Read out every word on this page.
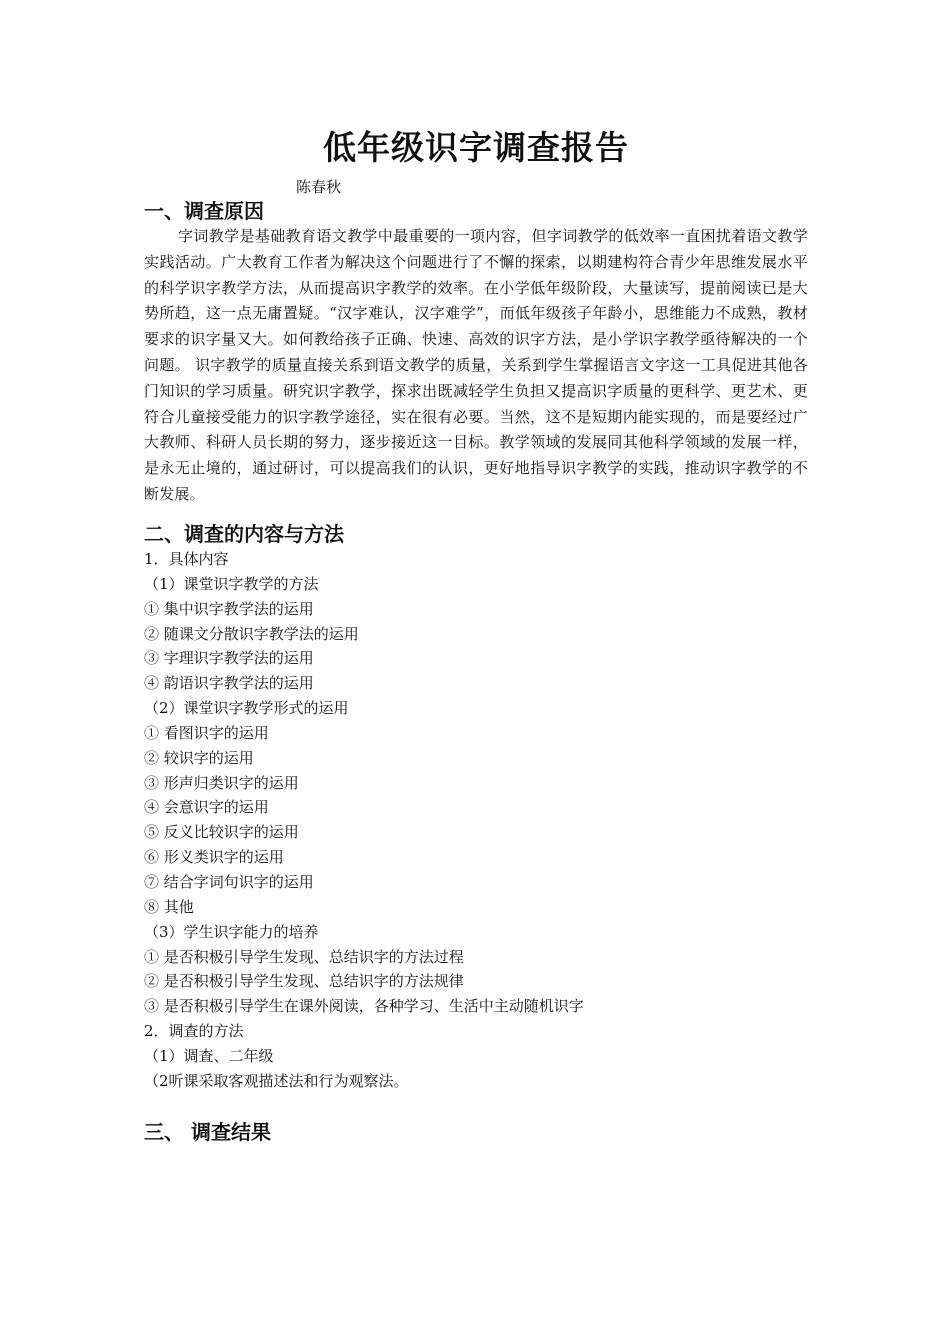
低年级识字调查报告
陈春秋
一、调查原因

字词教学是基础教育语文教学中最重要的一项内容，但字词教学的低效率一直困扰着语文教学实践活动。广大教育工作者为解决这个问题进行了不懈的探索，以期建构符合青少年思维发展水平的科学识字教学方法，从而提高识字教学的效率。在小学低年级阶段，大量读写，提前阅读已是大势所趋，这一点无庸置疑。“汉字难认，汉字难学”，而低年级孩子年龄小，思维能力不成熟，教材要求的识字量又大。如何教给孩子正确、快速、高效的识字方法，是小学识字教学亟待解决的一个问题。 识字教学的质量直接关系到语文教学的质量，关系到学生掌握语言文字这一工具促进其他各门知识的学习质量。研究识字教学，探求出既减轻学生负担又提高识字质量的更科学、更艺术、更符合儿童接受能力的识字教学途径，实在很有必要。当然，这不是短期内能实现的，而是要经过广大教师、科研人员长期的努力，逐步接近这一目标。教学领域的发展同其他科学领域的发展一样，是永无止境的，通过研讨，可以提高我们的认识，更好地指导识字教学的实践，推动识字教学的不断发展。

二、调查的内容与方法
1．具体内容
（1）课堂识字教学的方法
① 集中识字教学法的运用
② 随课文分散识字教学法的运用
③ 字理识字教学法的运用
④ 韵语识字教学法的运用
（2）课堂识字教学形式的运用
① 看图识字的运用
② 较识字的运用
③ 形声归类识字的运用
④ 会意识字的运用
⑤ 反义比较识字的运用
⑥ 形义类识字的运用
⑦ 结合字词句识字的运用
⑧ 其他
（3）学生识字能力的培养
① 是否积极引导学生发现、总结识字的方法过程
② 是否积极引导学生发现、总结识字的方法规律
③ 是否积极引导学生在课外阅读，各种学习、生活中主动随机识字
2．调查的方法
（1）调查、二年级
（2听课采取客观描述法和行为观察法。
三、 调查结果
